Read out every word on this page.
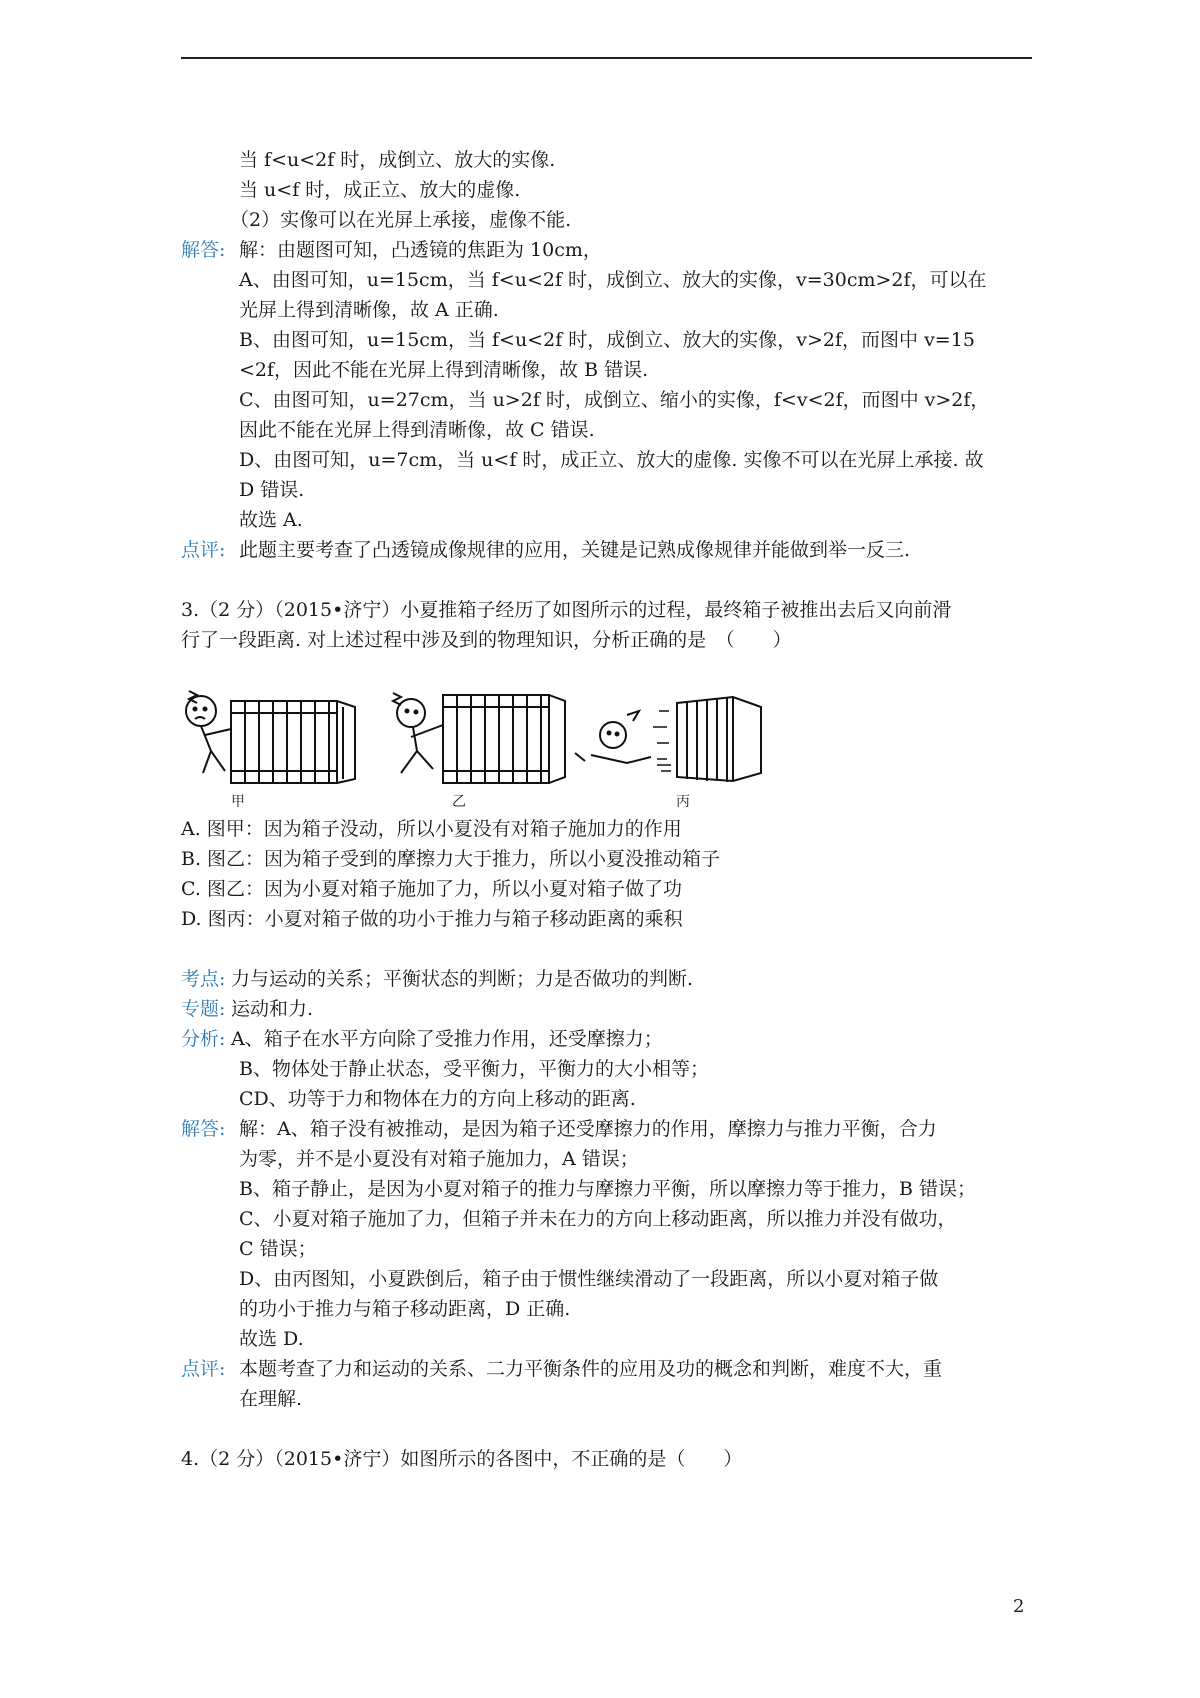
当 f<u<2f 时，成倒立、放大的实像.
当 u<f 时，成正立、放大的虚像.
（2）实像可以在光屏上承接，虚像不能.
解答: 解：由题图可知，凸透镜的焦距为 10cm，
A、由图可知，u=15cm，当 f<u<2f 时，成倒立、放大的实像，v=30cm>2f，可以在
光屏上得到清晰像，故 A 正确.
B、由图可知，u=15cm，当 f<u<2f 时，成倒立、放大的实像，v>2f，而图中 v=15
<2f，因此不能在光屏上得到清晰像，故 B 错误.
C、由图可知，u=27cm，当 u>2f 时，成倒立、缩小的实像，f<v<2f，而图中 v>2f，
因此不能在光屏上得到清晰像，故 C 错误.
D、由图可知，u=7cm，当 u<f 时，成正立、放大的虚像. 实像不可以在光屏上承接. 故
D 错误.
故选 A.
点评: 此题主要考查了凸透镜成像规律的应用，关键是记熟成像规律并能做到举一反三.
3.（2 分）（2015•济宁）小夏推箱子经历了如图所示的过程，最终箱子被推出去后又向前滑
行了一段距离. 对上述过程中涉及到的物理知识，分析正确的是　（　　）
甲	乙	丙
A. 图甲：因为箱子没动，所以小夏没有对箱子施加力的作用
B. 图乙：因为箱子受到的摩擦力大于推力，所以小夏没推动箱子
C. 图乙：因为小夏对箱子施加了力，所以小夏对箱子做了功
D. 图丙：小夏对箱子做的功小于推力与箱子移动距离的乘积
考点: 力与运动的关系；平衡状态的判断；力是否做功的判断.
专题: 运动和力.
分析: A、箱子在水平方向除了受推力作用，还受摩擦力；
B、物体处于静止状态，受平衡力，平衡力的大小相等；
CD、功等于力和物体在力的方向上移动的距离.
解答: 解：A、箱子没有被推动，是因为箱子还受摩擦力的作用，摩擦力与推力平衡，合力
为零，并不是小夏没有对箱子施加力，A 错误；
B、箱子静止，是因为小夏对箱子的推力与摩擦力平衡，所以摩擦力等于推力，B 错误；
C、小夏对箱子施加了力，但箱子并未在力的方向上移动距离，所以推力并没有做功，
C 错误；
D、由丙图知，小夏跌倒后，箱子由于惯性继续滑动了一段距离，所以小夏对箱子做
的功小于推力与箱子移动距离，D 正确.
故选 D.
点评: 本题考查了力和运动的关系、二力平衡条件的应用及功的概念和判断，难度不大，重
在理解.
4.（2 分）（2015•济宁）如图所示的各图中，不正确的是（　　）
2
